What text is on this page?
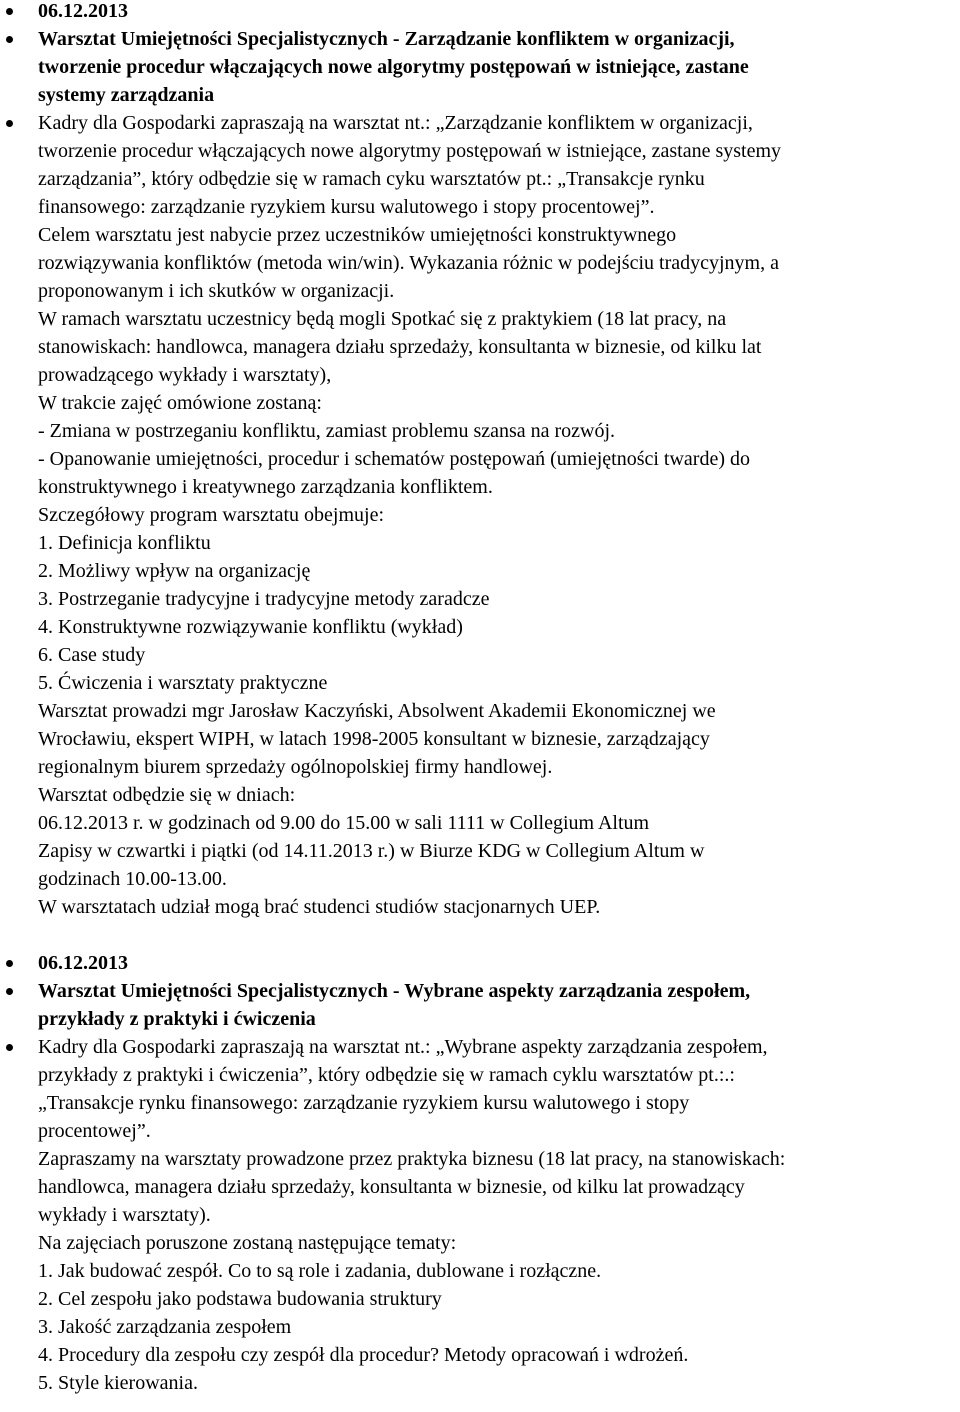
06.12.2013
Warsztat Umiejętności Specjalistycznych - Zarządzanie konfliktem w organizacji,
tworzenie procedur włączających nowe algorytmy postępowań w istniejące, zastane
systemy zarządzania
Kadry dla Gospodarki zapraszają na warsztat nt.: „Zarządzanie konfliktem w organizacji,
tworzenie procedur włączających nowe algorytmy postępowań w istniejące, zastane systemy
zarządzania”, który odbędzie się w ramach cyku warsztatów pt.: „Transakcje rynku
finansowego: zarządzanie ryzykiem kursu walutowego i stopy procentowej”.
Celem warsztatu jest nabycie przez uczestników umiejętności konstruktywnego
rozwiązywania konfliktów (metoda win/win). Wykazania różnic w podejściu tradycyjnym, a
proponowanym i ich skutków w organizacji.
W ramach warsztatu uczestnicy będą mogli Spotkać się z praktykiem (18 lat pracy, na
stanowiskach: handlowca, managera działu sprzedaży, konsultanta w biznesie, od kilku lat
prowadzącego wykłady i warsztaty),
W trakcie zajęć omówione zostaną:
- Zmiana w postrzeganiu konfliktu, zamiast problemu szansa na rozwój.
- Opanowanie umiejętności, procedur i schematów postępowań (umiejętności twarde) do
konstruktywnego i kreatywnego zarządzania konfliktem.
Szczegółowy program warsztatu obejmuje:
1. Definicja konfliktu
2. Możliwy wpływ na organizację
3. Postrzeganie tradycyjne i tradycyjne metody zaradcze
4. Konstruktywne rozwiązywanie konfliktu (wykład)
6. Case study
5. Ćwiczenia i warsztaty praktyczne
Warsztat prowadzi mgr Jarosław Kaczyński, Absolwent Akademii Ekonomicznej we
Wrocławiu, ekspert WIPH, w latach 1998-2005 konsultant w biznesie, zarządzający
regionalnym biurem sprzedaży ogólnopolskiej firmy handlowej.
Warsztat odbędzie się w dniach:
06.12.2013 r. w godzinach od 9.00 do 15.00 w sali 1111 w Collegium Altum
Zapisy w czwartki i piątki (od 14.11.2013 r.) w Biurze KDG w Collegium Altum w
godzinach 10.00-13.00.
W warsztatach udział mogą brać studenci studiów stacjonarnych UEP.
06.12.2013
Warsztat Umiejętności Specjalistycznych - Wybrane aspekty zarządzania zespołem,
przykłady z praktyki i ćwiczenia
Kadry dla Gospodarki zapraszają na warsztat nt.: „Wybrane aspekty zarządzania zespołem,
przykłady z praktyki i ćwiczenia”, który odbędzie się w ramach cyklu warsztatów pt.:.:
„Transakcje rynku finansowego: zarządzanie ryzykiem kursu walutowego i stopy
procentowej”.
Zapraszamy na warsztaty prowadzone przez praktyka biznesu (18 lat pracy, na stanowiskach:
handlowca, managera działu sprzedaży, konsultanta w biznesie, od kilku lat prowadzący
wykłady i warsztaty).
Na zajęciach poruszone zostaną następujące tematy:
1. Jak budować zespół. Co to są role i zadania, dublowane i rozłączne.
2. Cel zespołu jako podstawa budowania struktury
3. Jakość zarządzania zespołem
4. Procedury dla zespołu czy zespół dla procedur? Metody opracowań i wdrożeń.
5. Style kierowania.
